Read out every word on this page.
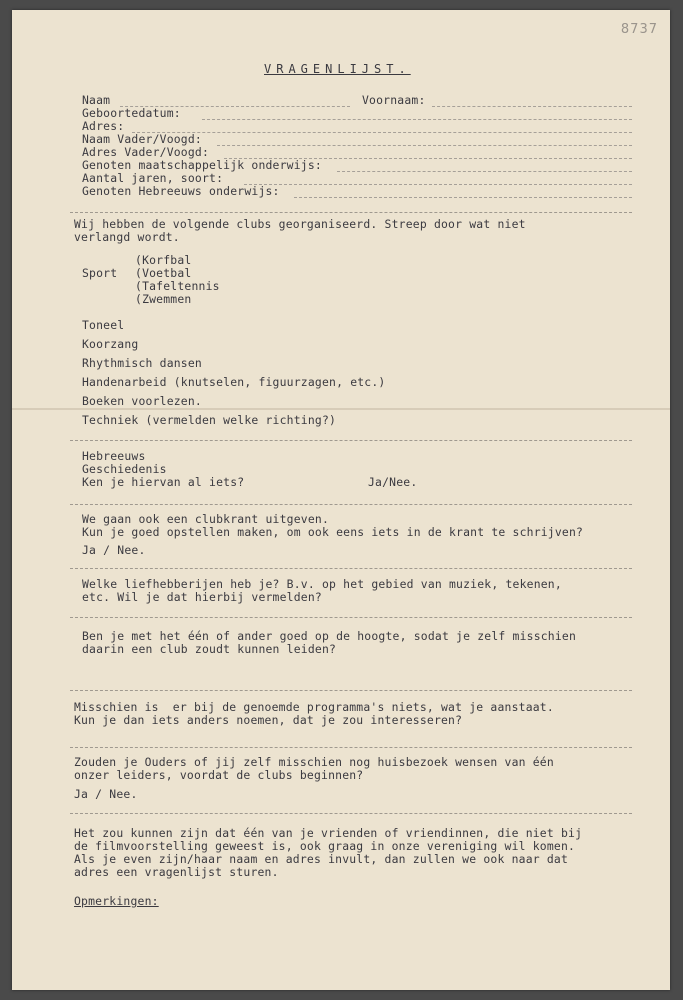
8737
VRAGENLIJST.
Naam	Voornaam:
Geboortedatum:
Adres:
Naam Vader/Voogd:
Adres Vader/Voogd:
Genoten maatschappelijk onderwijs:
Aantal jaren, soort:
Genoten Hebreeuws onderwijs:
Wij hebben de volgende clubs georganiseerd. Streep door wat niet
verlangd wordt.
Sport
(Korfbal
(Voetbal
(Tafeltennis
(Zwemmen
Toneel
Koorzang
Rhythmisch dansen
Handenarbeid (knutselen, figuurzagen, etc.)
Boeken voorlezen.
Techniek (vermelden welke richting?)
Hebreeuws
Geschiedenis
Ken je hiervan al iets?	Ja/Nee.
We gaan ook een clubkrant uitgeven.
Kun je goed opstellen maken, om ook eens iets in de krant te schrijven?
Ja / Nee.
Welke liefhebberijen heb je? B.v. op het gebied van muziek, tekenen,
etc. Wil je dat hierbij vermelden?
Ben je met het één of ander goed op de hoogte, sodat je zelf misschien
daarin een club zoudt kunnen leiden?
Misschien is  er bij de genoemde programma's niets, wat je aanstaat.
Kun je dan iets anders noemen, dat je zou interesseren?
Zouden je Ouders of jij zelf misschien nog huisbezoek wensen van één
onzer leiders, voordat de clubs beginnen?
Ja / Nee.
Het zou kunnen zijn dat één van je vrienden of vriendinnen, die niet bij
de filmvoorstelling geweest is, ook graag in onze vereniging wil komen.
Als je even zijn/haar naam en adres invult, dan zullen we ook naar dat
adres een vragenlijst sturen.
Opmerkingen:
